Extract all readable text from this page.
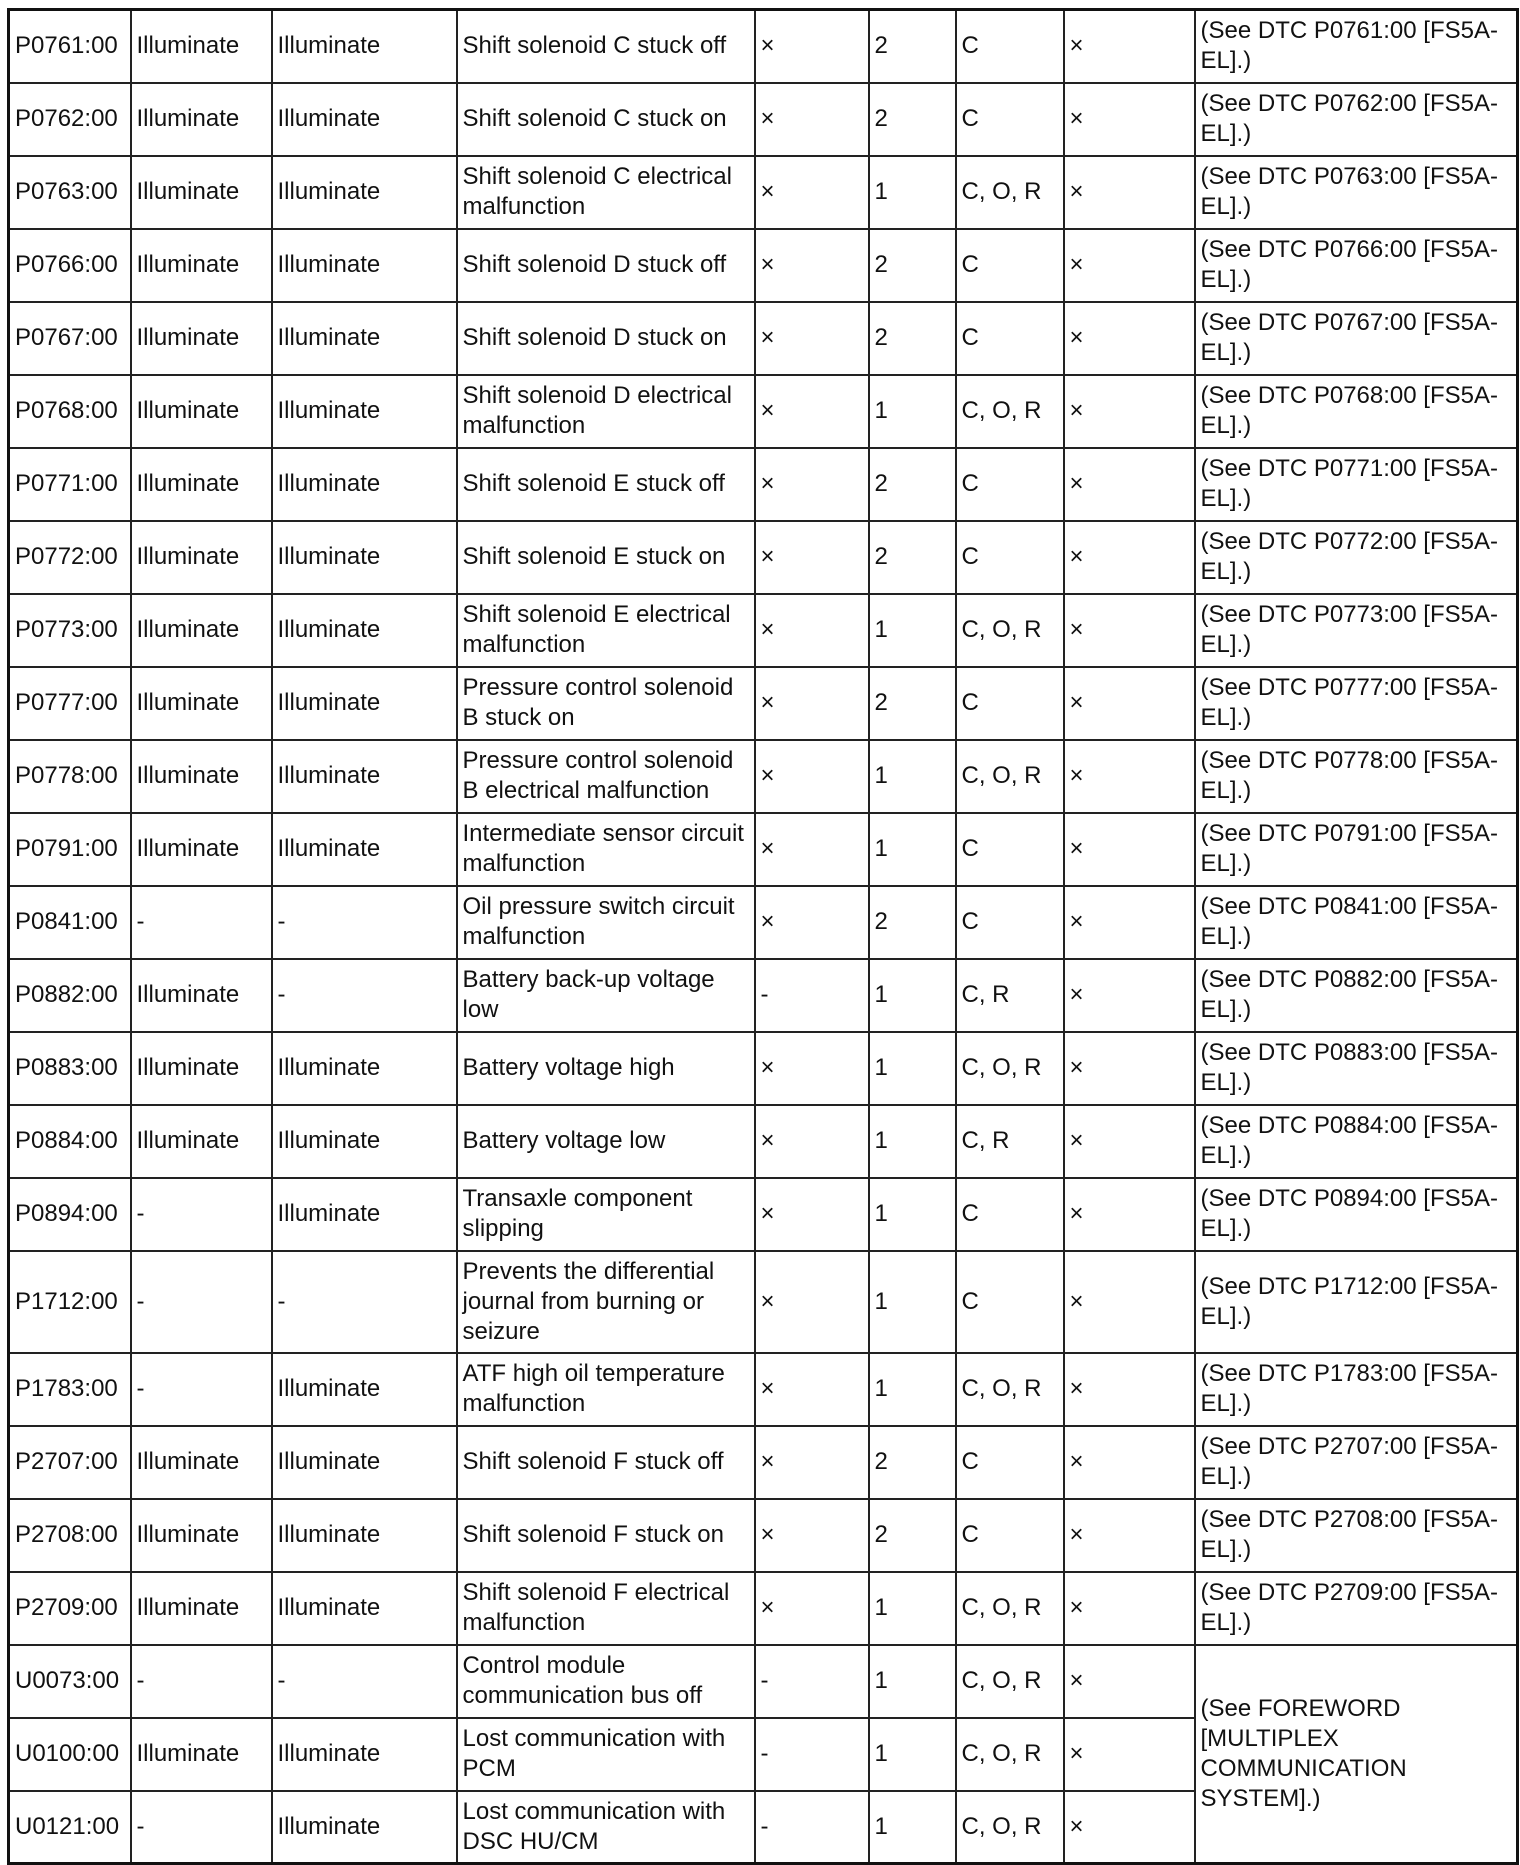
P0761:00	Illuminate	Illuminate	Shift solenoid C stuck off	×	2	C	×	(See DTC P0761:00 [FS5A-EL].)
P0762:00	Illuminate	Illuminate	Shift solenoid C stuck on	×	2	C	×	(See DTC P0762:00 [FS5A-EL].)
P0763:00	Illuminate	Illuminate	Shift solenoid C electrical malfunction	×	1	C, O, R	×	(See DTC P0763:00 [FS5A-EL].)
P0766:00	Illuminate	Illuminate	Shift solenoid D stuck off	×	2	C	×	(See DTC P0766:00 [FS5A-EL].)
P0767:00	Illuminate	Illuminate	Shift solenoid D stuck on	×	2	C	×	(See DTC P0767:00 [FS5A-EL].)
P0768:00	Illuminate	Illuminate	Shift solenoid D electrical malfunction	×	1	C, O, R	×	(See DTC P0768:00 [FS5A-EL].)
P0771:00	Illuminate	Illuminate	Shift solenoid E stuck off	×	2	C	×	(See DTC P0771:00 [FS5A-EL].)
P0772:00	Illuminate	Illuminate	Shift solenoid E stuck on	×	2	C	×	(See DTC P0772:00 [FS5A-EL].)
P0773:00	Illuminate	Illuminate	Shift solenoid E electrical malfunction	×	1	C, O, R	×	(See DTC P0773:00 [FS5A-EL].)
P0777:00	Illuminate	Illuminate	Pressure control solenoid B stuck on	×	2	C	×	(See DTC P0777:00 [FS5A-EL].)
P0778:00	Illuminate	Illuminate	Pressure control solenoid B electrical malfunction	×	1	C, O, R	×	(See DTC P0778:00 [FS5A-EL].)
P0791:00	Illuminate	Illuminate	Intermediate sensor circuit malfunction	×	1	C	×	(See DTC P0791:00 [FS5A-EL].)
P0841:00	-	-	Oil pressure switch circuit malfunction	×	2	C	×	(See DTC P0841:00 [FS5A-EL].)
P0882:00	Illuminate	-	Battery back-up voltage low	-	1	C, R	×	(See DTC P0882:00 [FS5A-EL].)
P0883:00	Illuminate	Illuminate	Battery voltage high	×	1	C, O, R	×	(See DTC P0883:00 [FS5A-EL].)
P0884:00	Illuminate	Illuminate	Battery voltage low	×	1	C, R	×	(See DTC P0884:00 [FS5A-EL].)
P0894:00	-	Illuminate	Transaxle component slipping	×	1	C	×	(See DTC P0894:00 [FS5A-EL].)
P1712:00	-	-	Prevents the differential journal from burning or seizure	×	1	C	×	(See DTC P1712:00 [FS5A-EL].)
P1783:00	-	Illuminate	ATF high oil temperature malfunction	×	1	C, O, R	×	(See DTC P1783:00 [FS5A-EL].)
P2707:00	Illuminate	Illuminate	Shift solenoid F stuck off	×	2	C	×	(See DTC P2707:00 [FS5A-EL].)
P2708:00	Illuminate	Illuminate	Shift solenoid F stuck on	×	2	C	×	(See DTC P2708:00 [FS5A-EL].)
P2709:00	Illuminate	Illuminate	Shift solenoid F electrical malfunction	×	1	C, O, R	×	(See DTC P2709:00 [FS5A-EL].)
U0073:00	-	-	Control module communication bus off	-	1	C, O, R	×	(See FOREWORD [MULTIPLEX COMMUNICATION SYSTEM].)
U0100:00	Illuminate	Illuminate	Lost communication with PCM	-	1	C, O, R	×	
U0121:00	-	Illuminate	Lost communication with DSC HU/CM	-	1	C, O, R	×	
